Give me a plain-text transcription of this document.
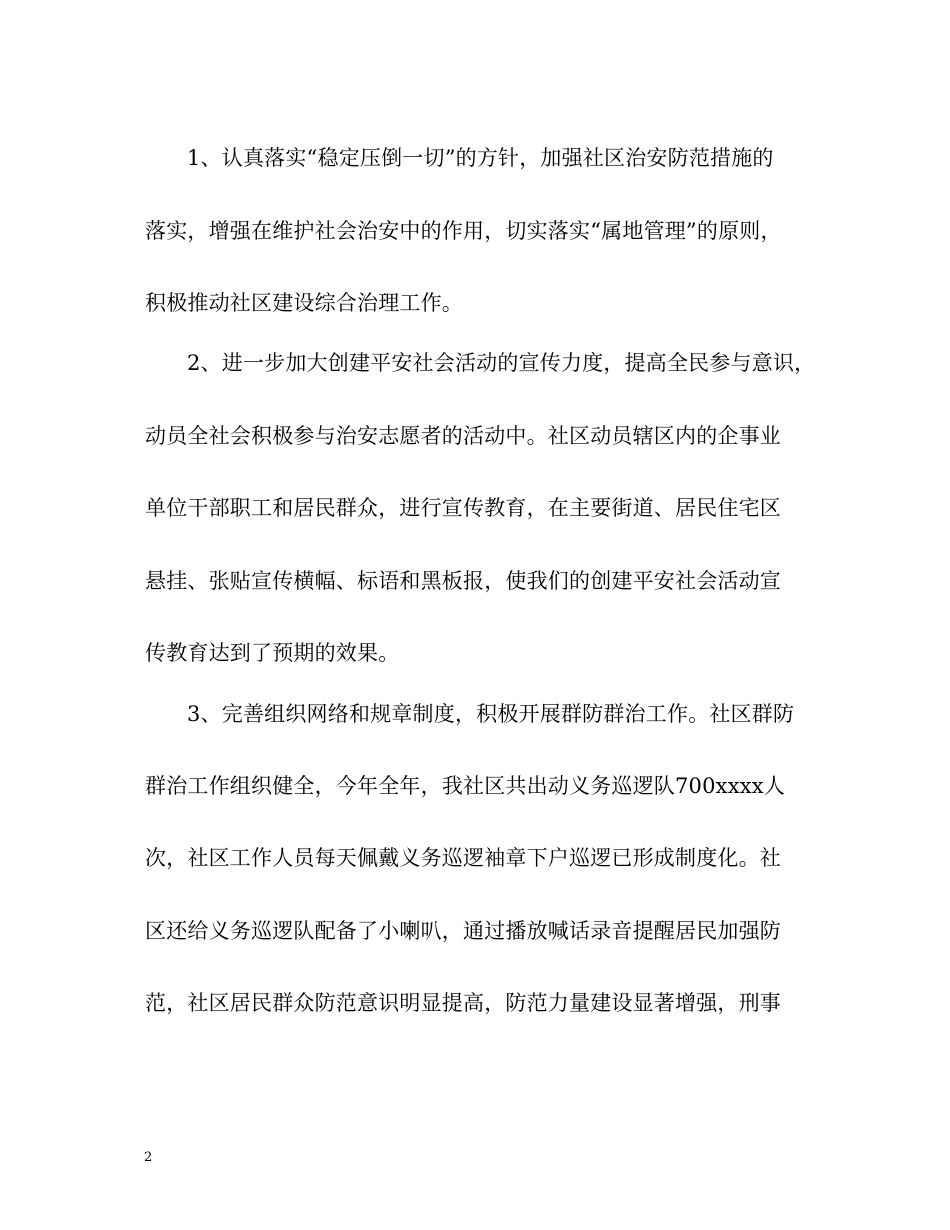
1、认真落实“稳定压倒一切”的方针，加强社区治安防范措施的
落实，增强在维护社会治安中的作用，切实落实“属地管理”的原则，
积极推动社区建设综合治理工作。
2、进一步加大创建平安社会活动的宣传力度，提高全民参与意识，
动员全社会积极参与治安志愿者的活动中。社区动员辖区内的企事业
单位干部职工和居民群众，进行宣传教育，在主要街道、居民住宅区
悬挂、张贴宣传横幅、标语和黑板报，使我们的创建平安社会活动宣
传教育达到了预期的效果。
3、完善组织网络和规章制度，积极开展群防群治工作。社区群防
群治工作组织健全，今年全年，我社区共出动义务巡逻队700xxxx人
次，社区工作人员每天佩戴义务巡逻袖章下户巡逻已形成制度化。社
区还给义务巡逻队配备了小喇叭，通过播放喊话录音提醒居民加强防
范，社区居民群众防范意识明显提高，防范力量建设显著增强，刑事
2
